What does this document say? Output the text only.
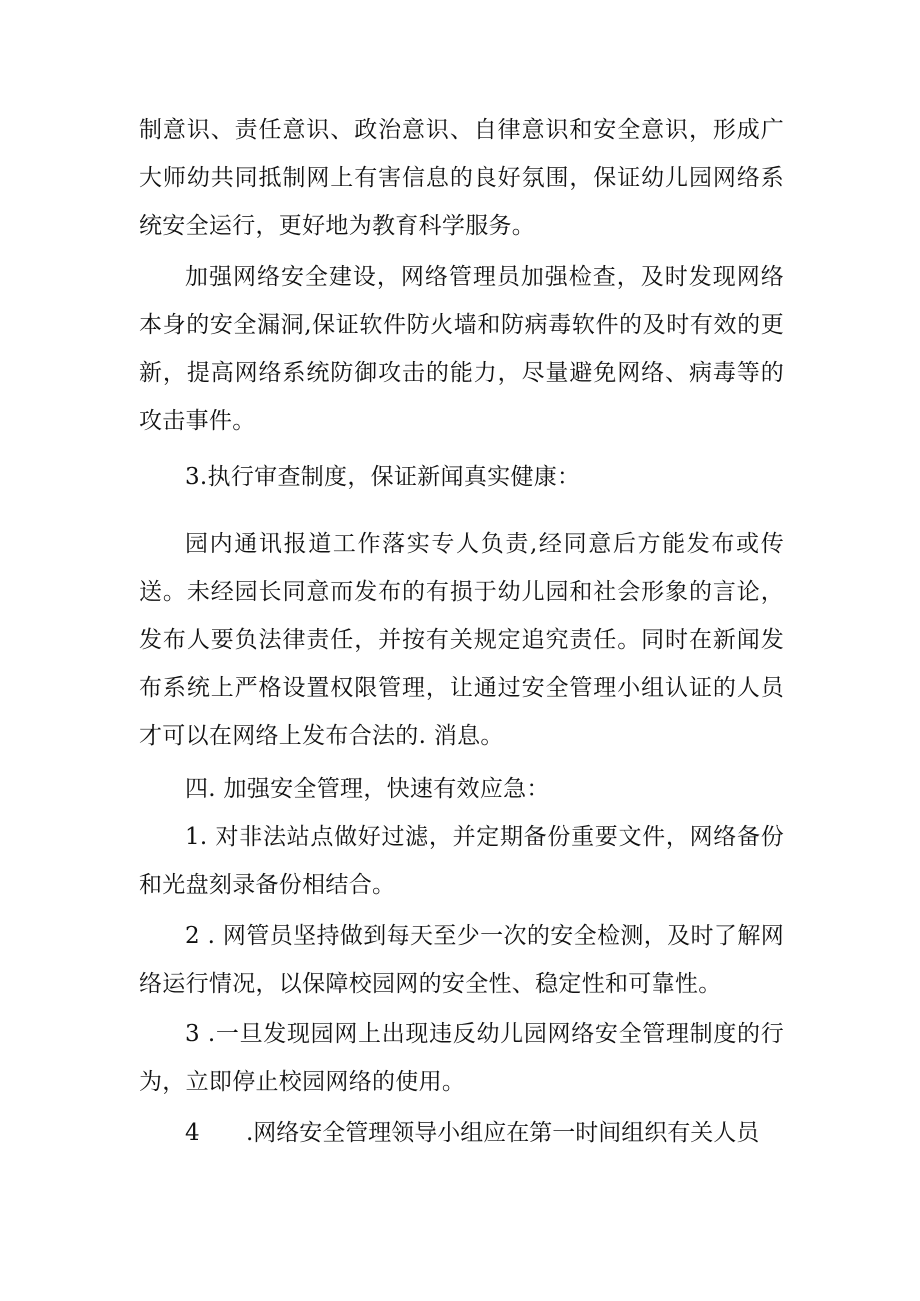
制意识、责任意识、政治意识、自律意识和安全意识，形成广大师幼共同抵制网上有害信息的良好氛围，保证幼儿园网络系统安全运行，更好地为教育科学服务。

加强网络安全建设，网络管理员加强检查，及时发现网络本身的安全漏洞,保证软件防火墙和防病毒软件的及时有效的更新，提高网络系统防御攻击的能力，尽量避免网络、病毒等的攻击事件。

3.执行审查制度，保证新闻真实健康：

园内通讯报道工作落实专人负责,经同意后方能发布或传送。未经园长同意而发布的有损于幼儿园和社会形象的言论，发布人要负法律责任，并按有关规定追究责任。同时在新闻发布系统上严格设置权限管理，让通过安全管理小组认证的人员才可以在网络上发布合法的. 消息。

四. 加强安全管理，快速有效应急：

1. 对非法站点做好过滤，并定期备份重要文件，网络备份和光盘刻录备份相结合。

2 . 网管员坚持做到每天至少一次的安全检测，及时了解网络运行情况，以保障校园网的安全性、稳定性和可靠性。

3 .一旦发现园网上出现违反幼儿园网络安全管理制度的行为，立即停止校园网络的使用。

4 .网络安全管理领导小组应在第一时间组织有关人员
